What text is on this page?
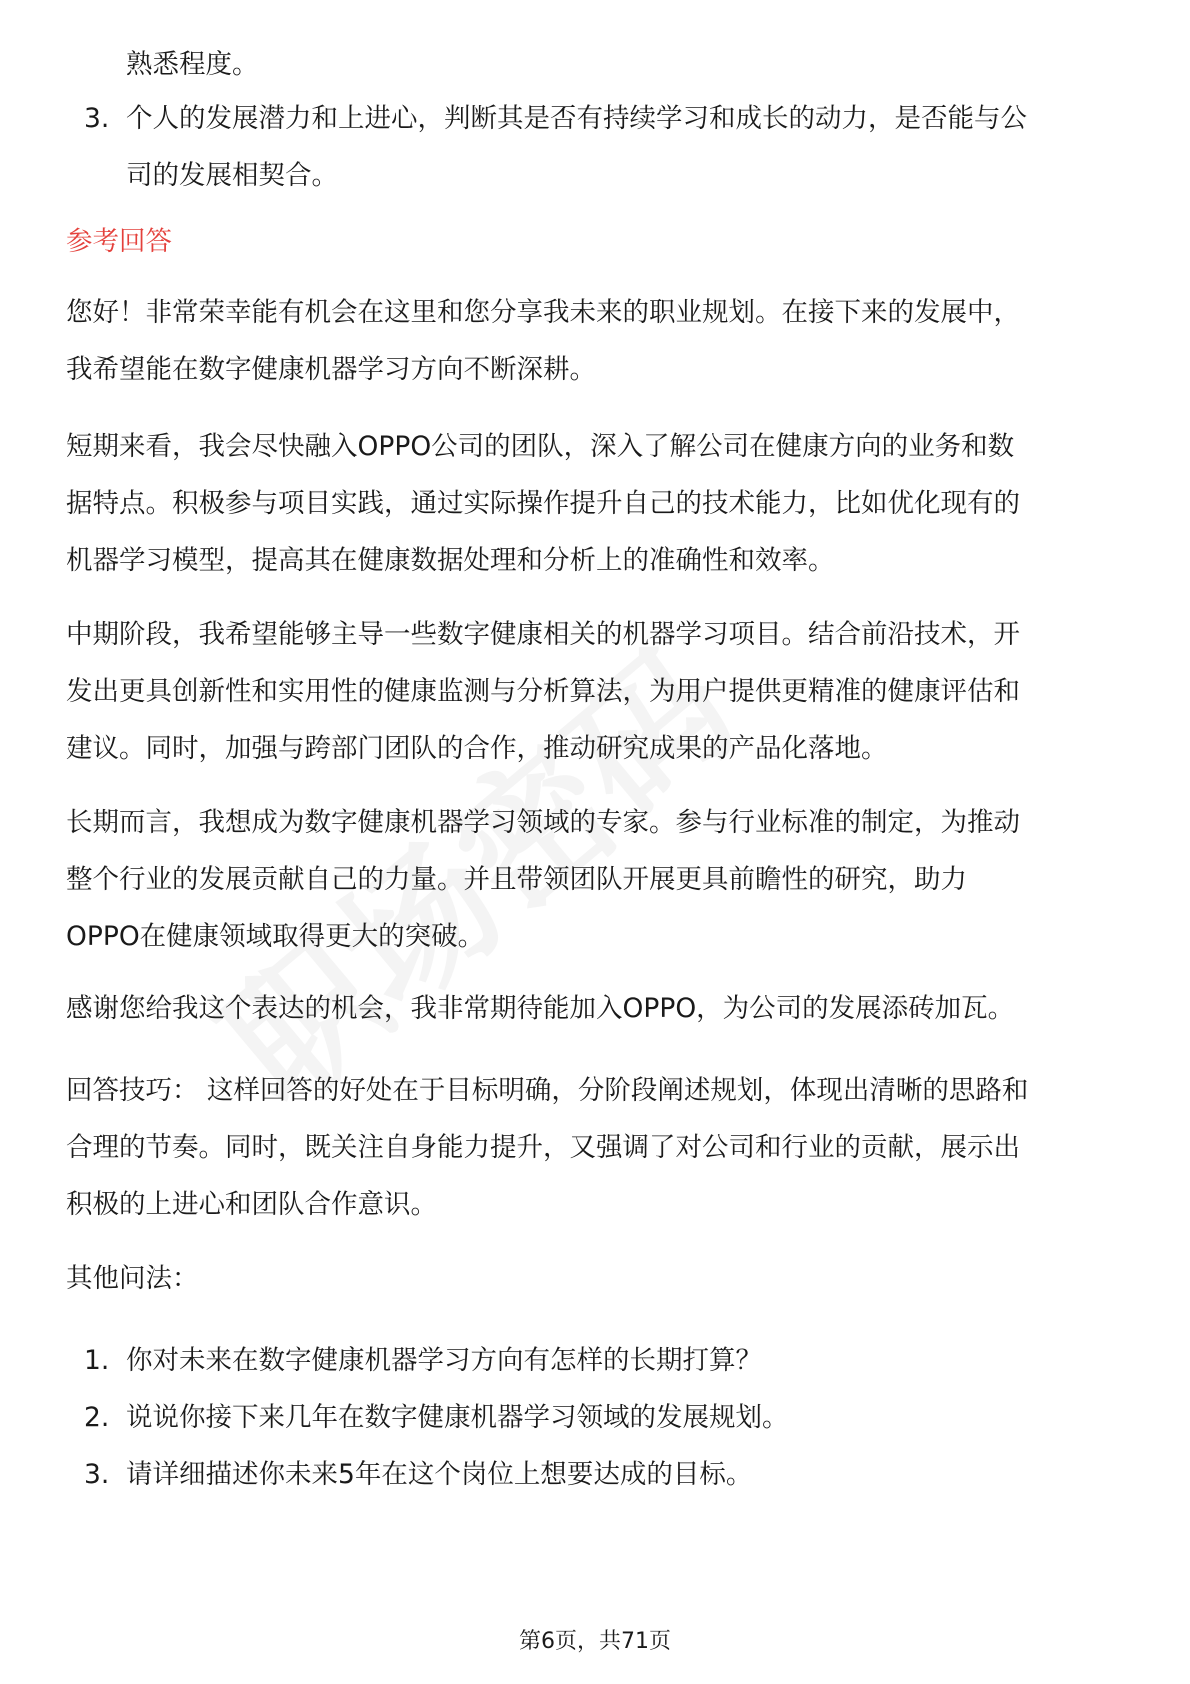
熟悉程度。
3. 个人的发展潜力和上进心，判断其是否有持续学习和成长的动力，是否能与公
司的发展相契合。
参考回答
您好！非常荣幸能有机会在这里和您分享我未来的职业规划。在接下来的发展中，
我希望能在数字健康机器学习方向不断深耕。
短期来看，我会尽快融入OPPO公司的团队，深入了解公司在健康方向的业务和数
据特点。积极参与项目实践，通过实际操作提升自己的技术能力，比如优化现有的
机器学习模型，提高其在健康数据处理和分析上的准确性和效率。
中期阶段，我希望能够主导一些数字健康相关的机器学习项目。结合前沿技术，开
发出更具创新性和实用性的健康监测与分析算法，为用户提供更精准的健康评估和
建议。同时，加强与跨部门团队的合作，推动研究成果的产品化落地。
长期而言，我想成为数字健康机器学习领域的专家。参与行业标准的制定，为推动
整个行业的发展贡献自己的力量。并且带领团队开展更具前瞻性的研究，助力
OPPO在健康领域取得更大的突破。
感谢您给我这个表达的机会，我非常期待能加入OPPO，为公司的发展添砖加瓦。
回答技巧： 这样回答的好处在于目标明确，分阶段阐述规划，体现出清晰的思路和
合理的节奏。同时，既关注自身能力提升，又强调了对公司和行业的贡献，展示出
积极的上进心和团队合作意识。
其他问法：
1. 你对未来在数字健康机器学习方向有怎样的长期打算？
2. 说说你接下来几年在数字健康机器学习领域的发展规划。
3. 请详细描述你未来5年在这个岗位上想要达成的目标。
第6页，共71页
